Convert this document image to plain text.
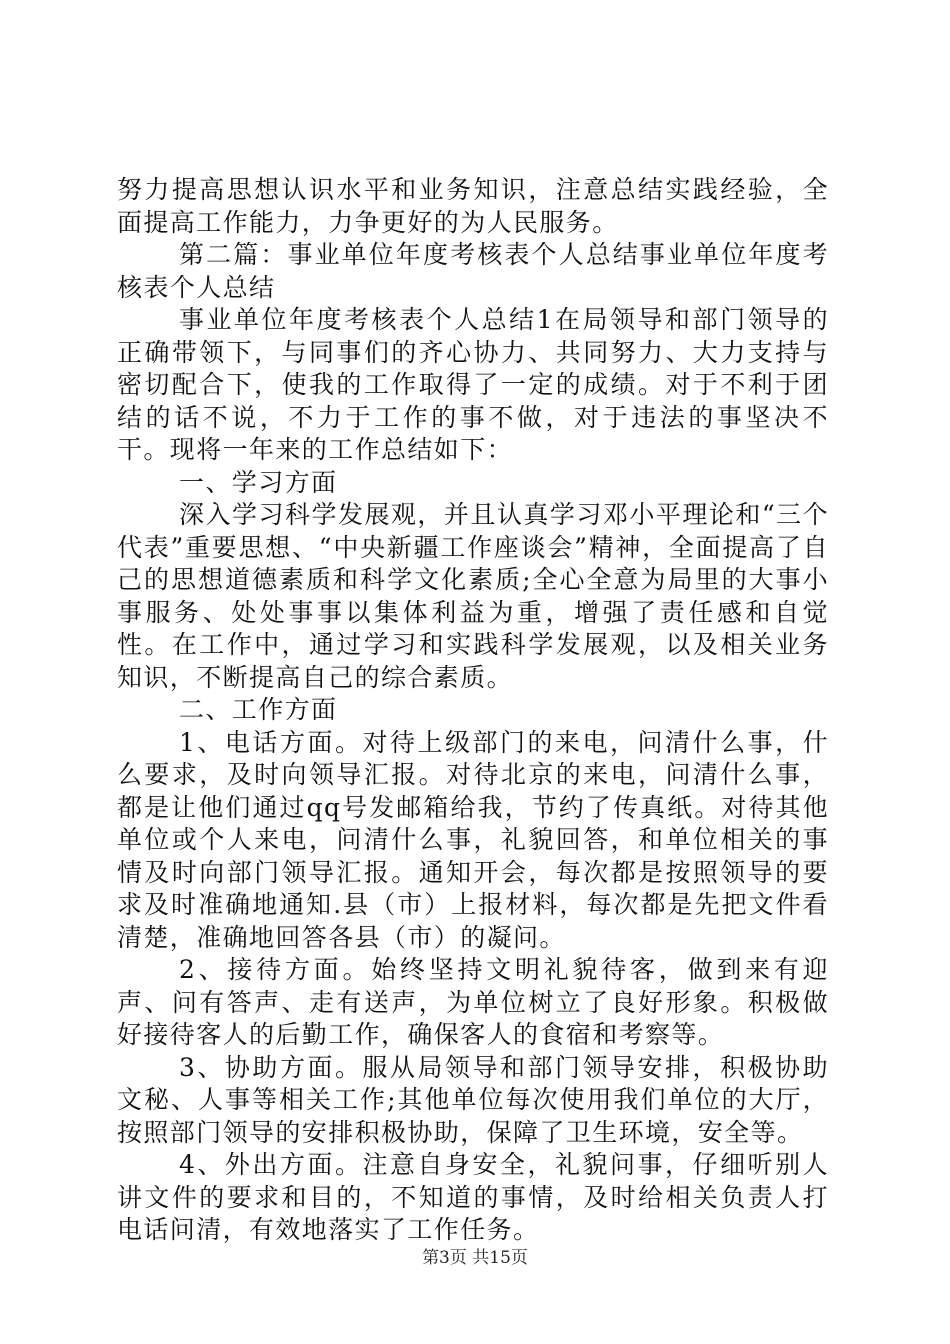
努力提高思想认识水平和业务知识，注意总结实践经验，全面提高工作能力，力争更好的为人民服务。

第二篇：事业单位年度考核表个人总结事业单位年度考核表个人总结

事业单位年度考核表个人总结1在局领导和部门领导的正确带领下，与同事们的齐心协力、共同努力、大力支持与密切配合下，使我的工作取得了一定的成绩。对于不利于团结的话不说，不力于工作的事不做，对于违法的事坚决不干。现将一年来的工作总结如下：

一、学习方面

深入学习科学发展观，并且认真学习邓小平理论和“三个代表”重要思想、“中央新疆工作座谈会”精神，全面提高了自己的思想道德素质和科学文化素质;全心全意为局里的大事小事服务、处处事事以集体利益为重，增强了责任感和自觉性。在工作中，通过学习和实践科学发展观，以及相关业务知识，不断提高自己的综合素质。

二、工作方面

1、电话方面。对待上级部门的来电，问清什么事，什么要求，及时向领导汇报。对待北京的来电，问清什么事，都是让他们通过qq号发邮箱给我，节约了传真纸。对待其他单位或个人来电，问清什么事，礼貌回答，和单位相关的事情及时向部门领导汇报。通知开会，每次都是按照领导的要求及时准确地通知.县（市）上报材料，每次都是先把文件看清楚，准确地回答各县（市）的凝问。

2、接待方面。始终坚持文明礼貌待客，做到来有迎声、问有答声、走有送声，为单位树立了良好形象。积极做好接待客人的后勤工作，确保客人的食宿和考察等。

3、协助方面。服从局领导和部门领导安排，积极协助文秘、人事等相关工作;其他单位每次使用我们单位的大厅，按照部门领导的安排积极协助，保障了卫生环境，安全等。

4、外出方面。注意自身安全，礼貌问事，仔细听别人讲文件的要求和目的，不知道的事情，及时给相关负责人打电话问清，有效地落实了工作任务。

第3页 共15页
